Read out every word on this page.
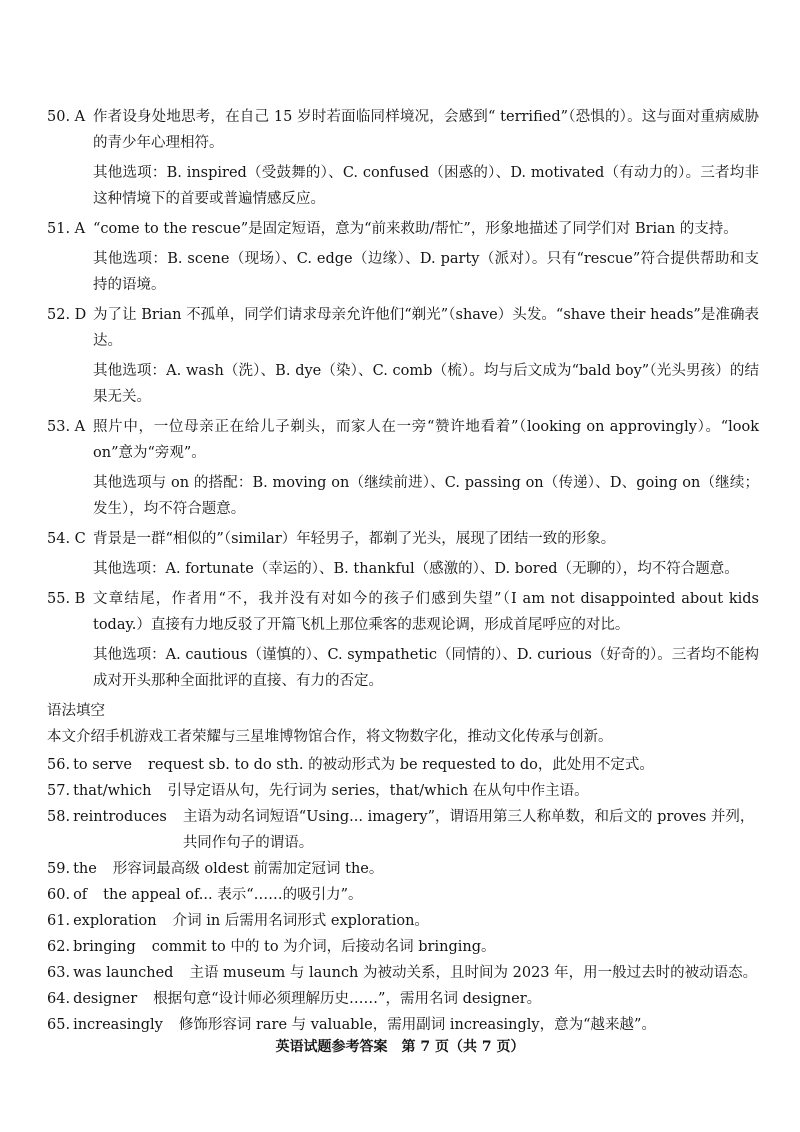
50. A 作者设身处地思考，在自己 15 岁时若面临同样境况，会感到“ terrified”（恐惧的）。这与面对重病威胁的青少年心理相符。

其他选项：B. inspired（受鼓舞的）、C. confused（困惑的）、D. motivated（有动力的）。三者均非这种情境下的首要或普遍情感反应。

51. A “come to the rescue”是固定短语，意为“前来救助/帮忙”，形象地描述了同学们对 Brian 的支持。

其他选项：B. scene（现场）、C. edge（边缘）、D. party（派对）。只有“rescue”符合提供帮助和支持的语境。

52. D 为了让 Brian 不孤单，同学们请求母亲允许他们“剃光”（shave）头发。“shave their heads”是准确表达。

其他选项：A. wash（洗）、B. dye（染）、C. comb（梳）。均与后文成为“bald boy”（光头男孩）的结果无关。

53. A 照片中，一位母亲正在给儿子剃头，而家人在一旁“赞许地看着”（looking on approvingly）。“look on”意为“旁观”。

其他选项与 on 的搭配：B. moving on（继续前进）、C. passing on（传递）、D、going on（继续；发生），均不符合题意。

54. C 背景是一群“相似的”（similar）年轻男子，都剃了光头，展现了团结一致的形象。

其他选项：A. fortunate（幸运的）、B. thankful（感激的）、D. bored（无聊的），均不符合题意。

55. B 文章结尾，作者用“不，我并没有对如今的孩子们感到失望”（I am not disappointed about kids today.）直接有力地反驳了开篇飞机上那位乘客的悲观论调，形成首尾呼应的对比。

其他选项：A. cautious（谨慎的）、C. sympathetic（同情的）、D. curious（好奇的）。三者均不能构成对开头那种全面批评的直接、有力的否定。

语法填空
本文介绍手机游戏工者荣耀与三星堆博物馆合作，将文物数字化，推动文化传承与创新。
56. to serve	request sb. to do sth. 的被动形式为 be requested to do，此处用不定式。
57. that/which	引导定语从句，先行词为 series，that/which 在从句中作主语。
58. reintroduces	主语为动名词短语“Using... imagery”，谓语用第三人称单数，和后文的 proves 并列，共同作句子的谓语。
59. the	形容词最高级 oldest 前需加定冠词 the。
60. of	the appeal of... 表示“……的吸引力”。
61. exploration	介词 in 后需用名词形式 exploration。
62. bringing	commit to 中的 to 为介词，后接动名词 bringing。
63. was launched	主语 museum 与 launch 为被动关系，且时间为 2023 年，用一般过去时的被动语态。
64. designer	根据句意“设计师必须理解历史……”，需用名词 designer。
65. increasingly	修饰形容词 rare 与 valuable，需用副词 increasingly，意为“越来越”。
英语试题参考答案　第 7 页（共 7 页）
